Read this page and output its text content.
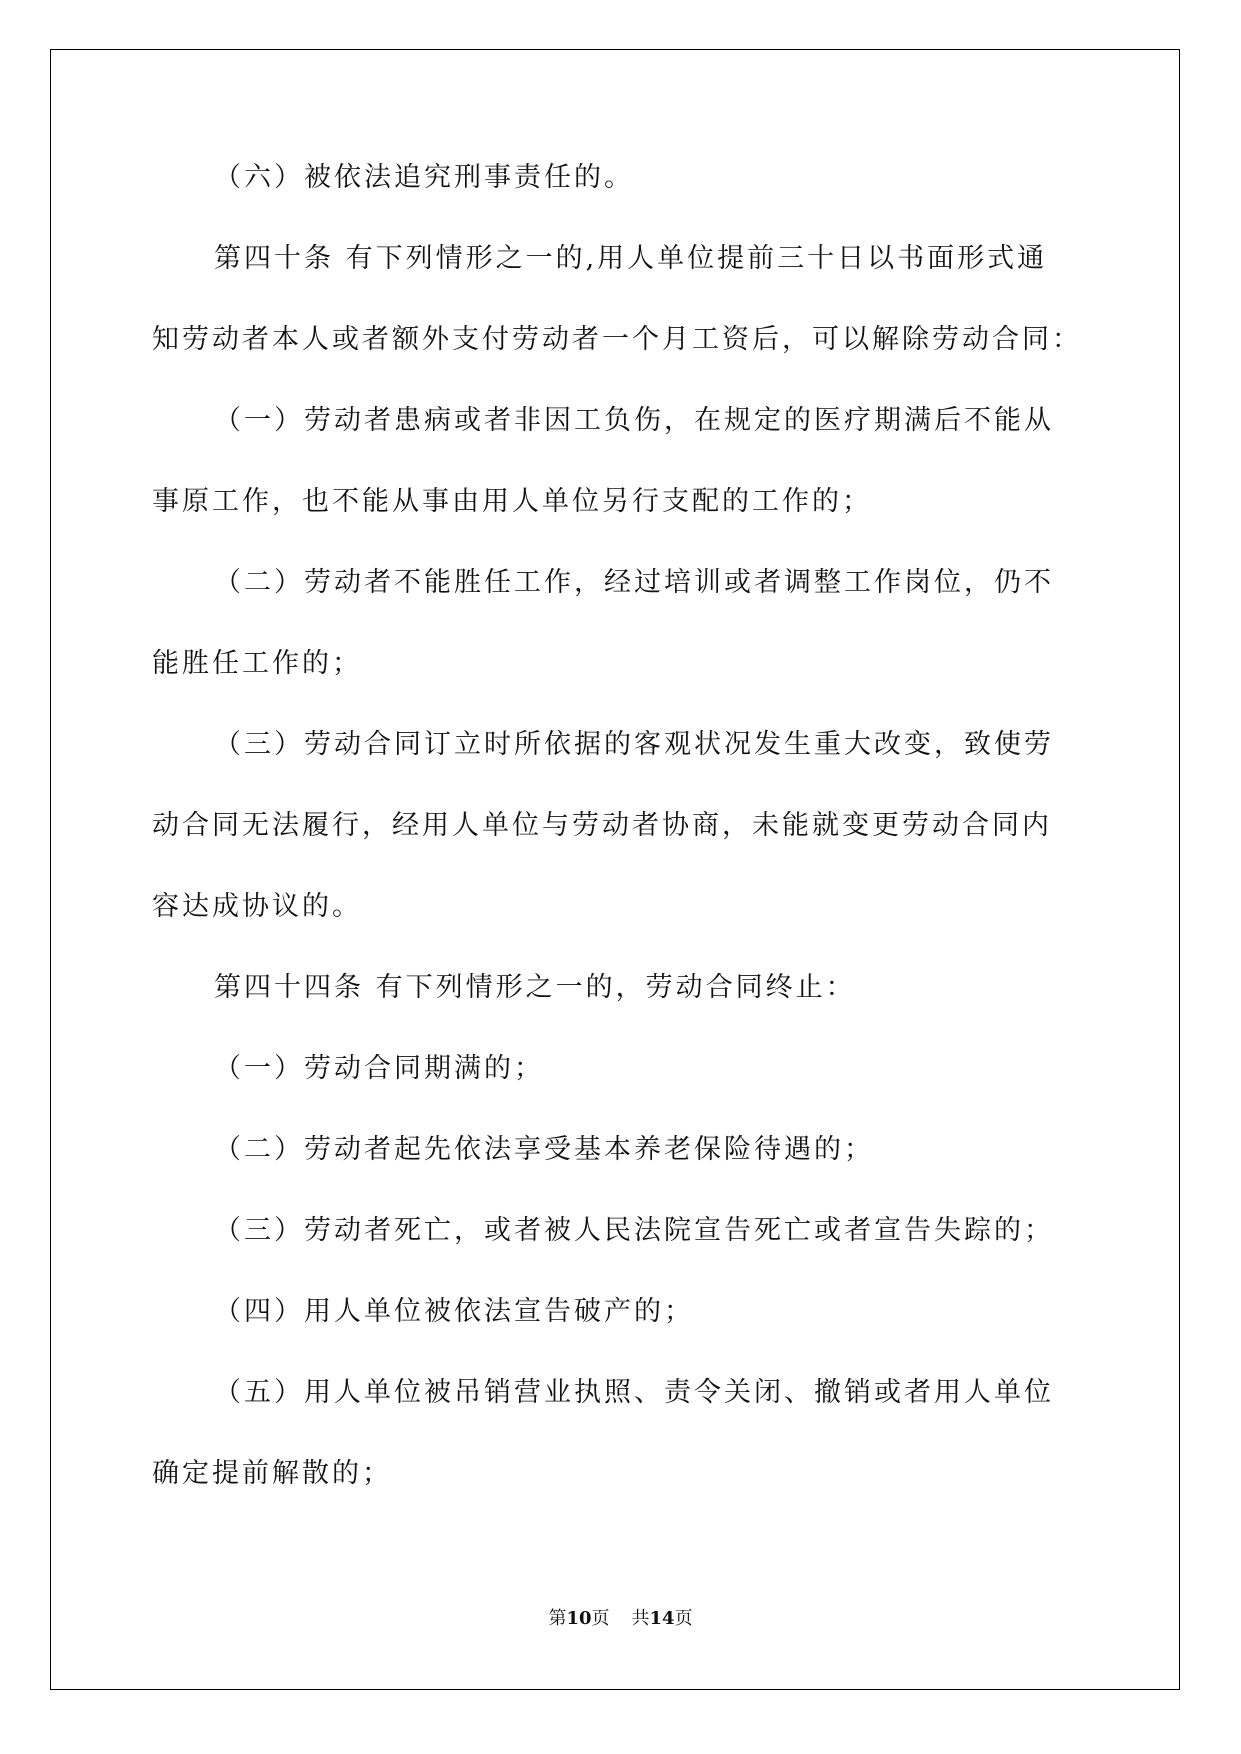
（六）被依法追究刑事责任的。
第四十条 有下列情形之一的,用人单位提前三十日以书面形式通
知劳动者本人或者额外支付劳动者一个月工资后，可以解除劳动合同：
（一）劳动者患病或者非因工负伤，在规定的医疗期满后不能从
事原工作，也不能从事由用人单位另行支配的工作的；
（二）劳动者不能胜任工作，经过培训或者调整工作岗位，仍不
能胜任工作的；
（三）劳动合同订立时所依据的客观状况发生重大改变，致使劳
动合同无法履行，经用人单位与劳动者协商，未能就变更劳动合同内
容达成协议的。
第四十四条 有下列情形之一的，劳动合同终止：
（一）劳动合同期满的；
（二）劳动者起先依法享受基本养老保险待遇的；
（三）劳动者死亡，或者被人民法院宣告死亡或者宣告失踪的；
（四）用人单位被依法宣告破产的；
（五）用人单位被吊销营业执照、责令关闭、撤销或者用人单位
确定提前解散的；
第10页 共14页
